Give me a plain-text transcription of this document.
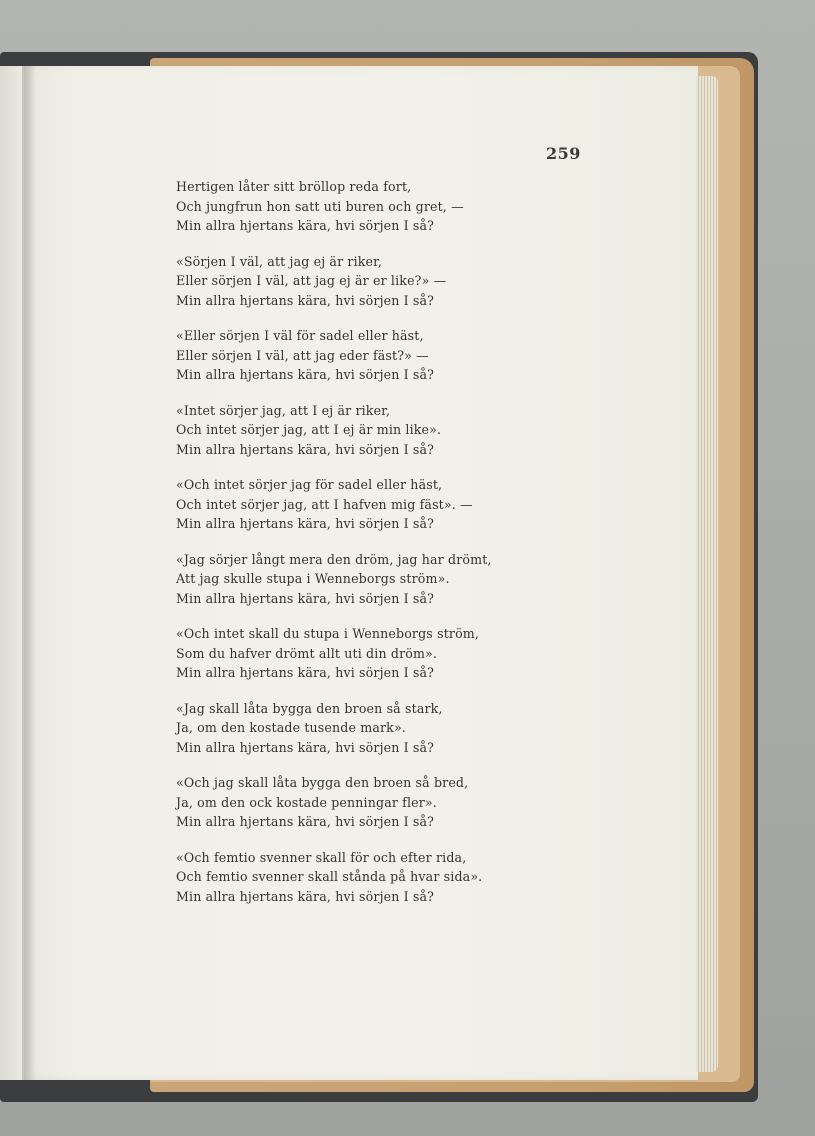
259
Hertigen låter sitt bröllop reda fort,
Och jungfrun hon satt uti buren och gret, —
Min allra hjertans kära, hvi sörjen I så?
«Sörjen I väl, att jag ej är riker,
Eller sörjen I väl, att jag ej är er like?» —
Min allra hjertans kära, hvi sörjen I så?
«Eller sörjen I väl för sadel eller häst,
Eller sörjen I väl, att jag eder fäst?» —
Min allra hjertans kära, hvi sörjen I så?
«Intet sörjer jag, att I ej är riker,
Och intet sörjer jag, att I ej är min like».
Min allra hjertans kära, hvi sörjen I så?
«Och intet sörjer jag för sadel eller häst,
Och intet sörjer jag, att I hafven mig fäst». —
Min allra hjertans kära, hvi sörjen I så?
«Jag sörjer långt mera den dröm, jag har drömt,
Att jag skulle stupa i Wenneborgs ström».
Min allra hjertans kära, hvi sörjen I så?
«Och intet skall du stupa i Wenneborgs ström,
Som du hafver drömt allt uti din dröm».
Min allra hjertans kära, hvi sörjen I så?
«Jag skall låta bygga den broen så stark,
Ja, om den kostade tusende mark».
Min allra hjertans kära, hvi sörjen I så?
«Och jag skall låta bygga den broen så bred,
Ja, om den ock kostade penningar fler».
Min allra hjertans kära, hvi sörjen I så?
«Och femtio svenner skall för och efter rida,
Och femtio svenner skall stånda på hvar sida».
Min allra hjertans kära, hvi sörjen I så?
